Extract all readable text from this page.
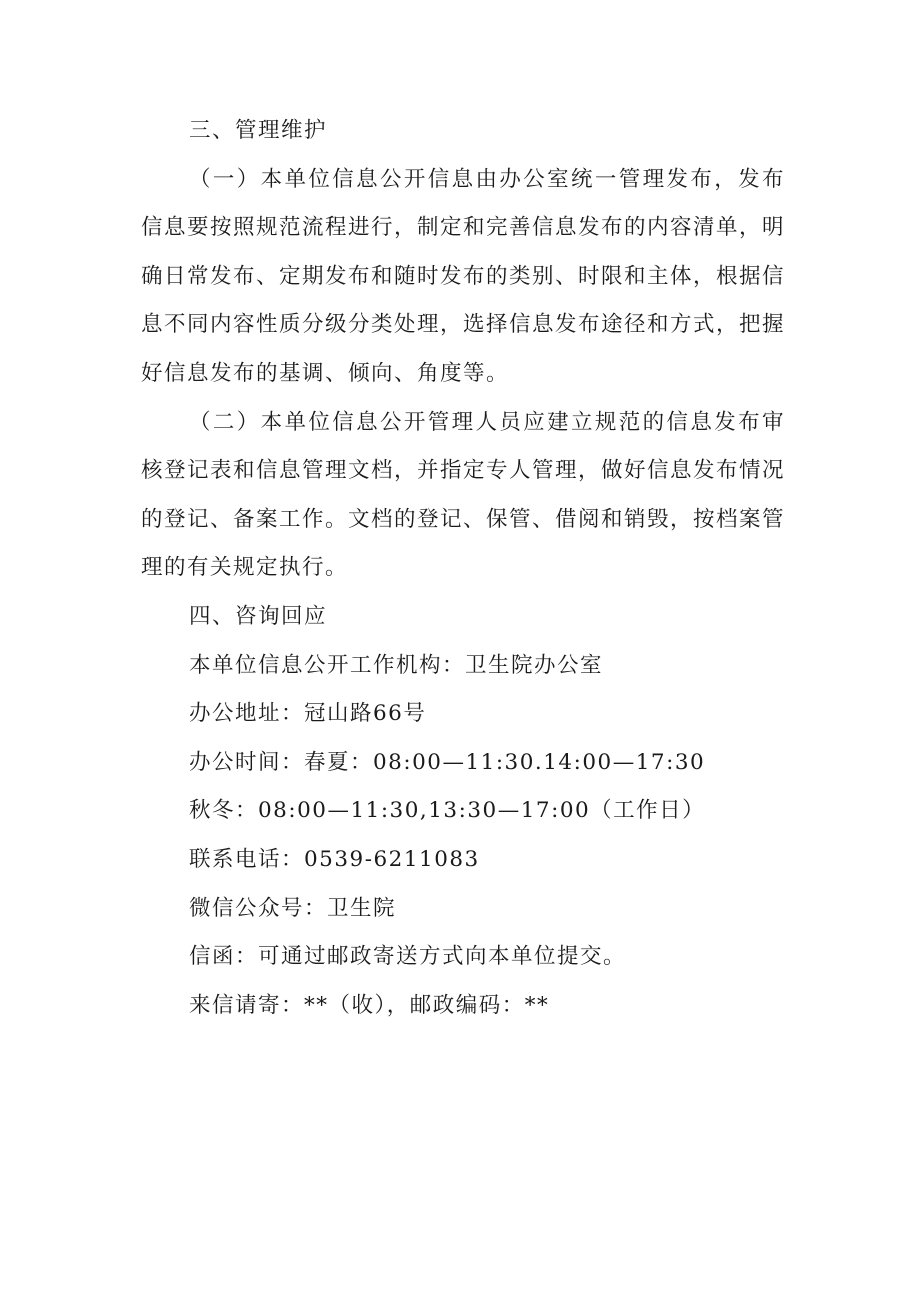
三、管理维护
（一）本单位信息公开信息由办公室统一管理发布，发布
信息要按照规范流程进行，制定和完善信息发布的内容清单，明
确日常发布、定期发布和随时发布的类别、时限和主体，根据信
息不同内容性质分级分类处理，选择信息发布途径和方式，把握
好信息发布的基调、倾向、角度等。
（二）本单位信息公开管理人员应建立规范的信息发布审
核登记表和信息管理文档，并指定专人管理，做好信息发布情况
的登记、备案工作。文档的登记、保管、借阅和销毁，按档案管
理的有关规定执行。
四、咨询回应
本单位信息公开工作机构：卫生院办公室
办公地址：冠山路66号
办公时间：春夏：08:00—11:30.14:00—17:30
秋冬：08:00—11:30,13:30—17:00（工作日）
联系电话：0539-6211083
微信公众号：卫生院
信函：可通过邮政寄送方式向本单位提交。
来信请寄：**（收），邮政编码：**
